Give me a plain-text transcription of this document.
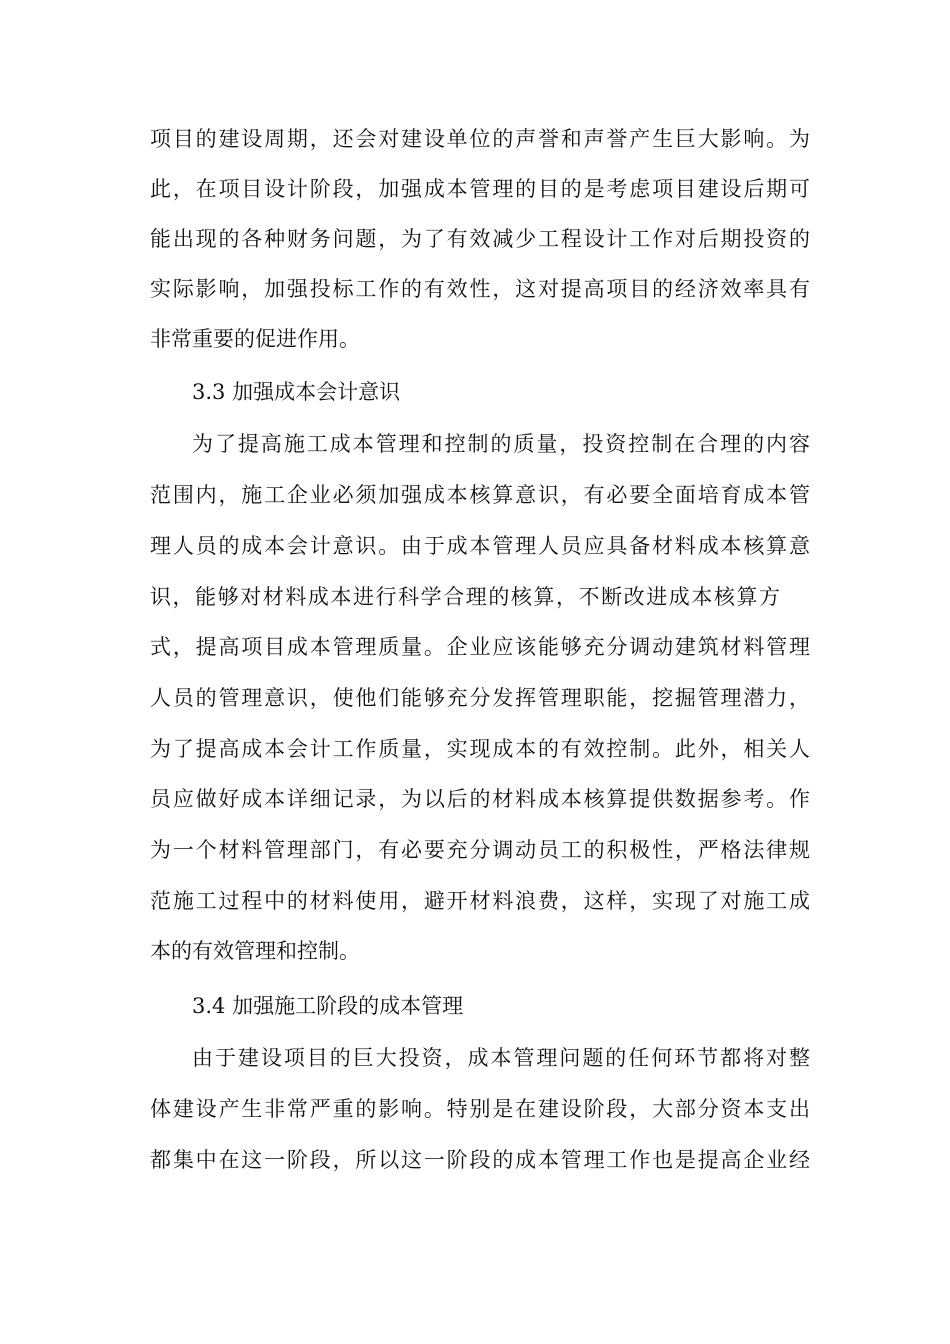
项目的建设周期，还会对建设单位的声誉和声誉产生巨大影响。为
此，在项目设计阶段，加强成本管理的目的是考虑项目建设后期可
能出现的各种财务问题，为了有效减少工程设计工作对后期投资的
实际影响，加强投标工作的有效性，这对提高项目的经济效率具有
非常重要的促进作用。
3.3 加强成本会计意识
为了提高施工成本管理和控制的质量，投资控制在合理的内容
范围内，施工企业必须加强成本核算意识，有必要全面培育成本管
理人员的成本会计意识。由于成本管理人员应具备材料成本核算意
识，能够对材料成本进行科学合理的核算，不断改进成本核算方
式，提高项目成本管理质量。企业应该能够充分调动建筑材料管理
人员的管理意识，使他们能够充分发挥管理职能，挖掘管理潜力，
为了提高成本会计工作质量，实现成本的有效控制。此外，相关人
员应做好成本详细记录，为以后的材料成本核算提供数据参考。作
为一个材料管理部门，有必要充分调动员工的积极性，严格法律规
范施工过程中的材料使用，避开材料浪费，这样，实现了对施工成
本的有效管理和控制。
3.4 加强施工阶段的成本管理
由于建设项目的巨大投资，成本管理问题的任何环节都将对整
体建设产生非常严重的影响。特别是在建设阶段，大部分资本支出
都集中在这一阶段，所以这一阶段的成本管理工作也是提高企业经
